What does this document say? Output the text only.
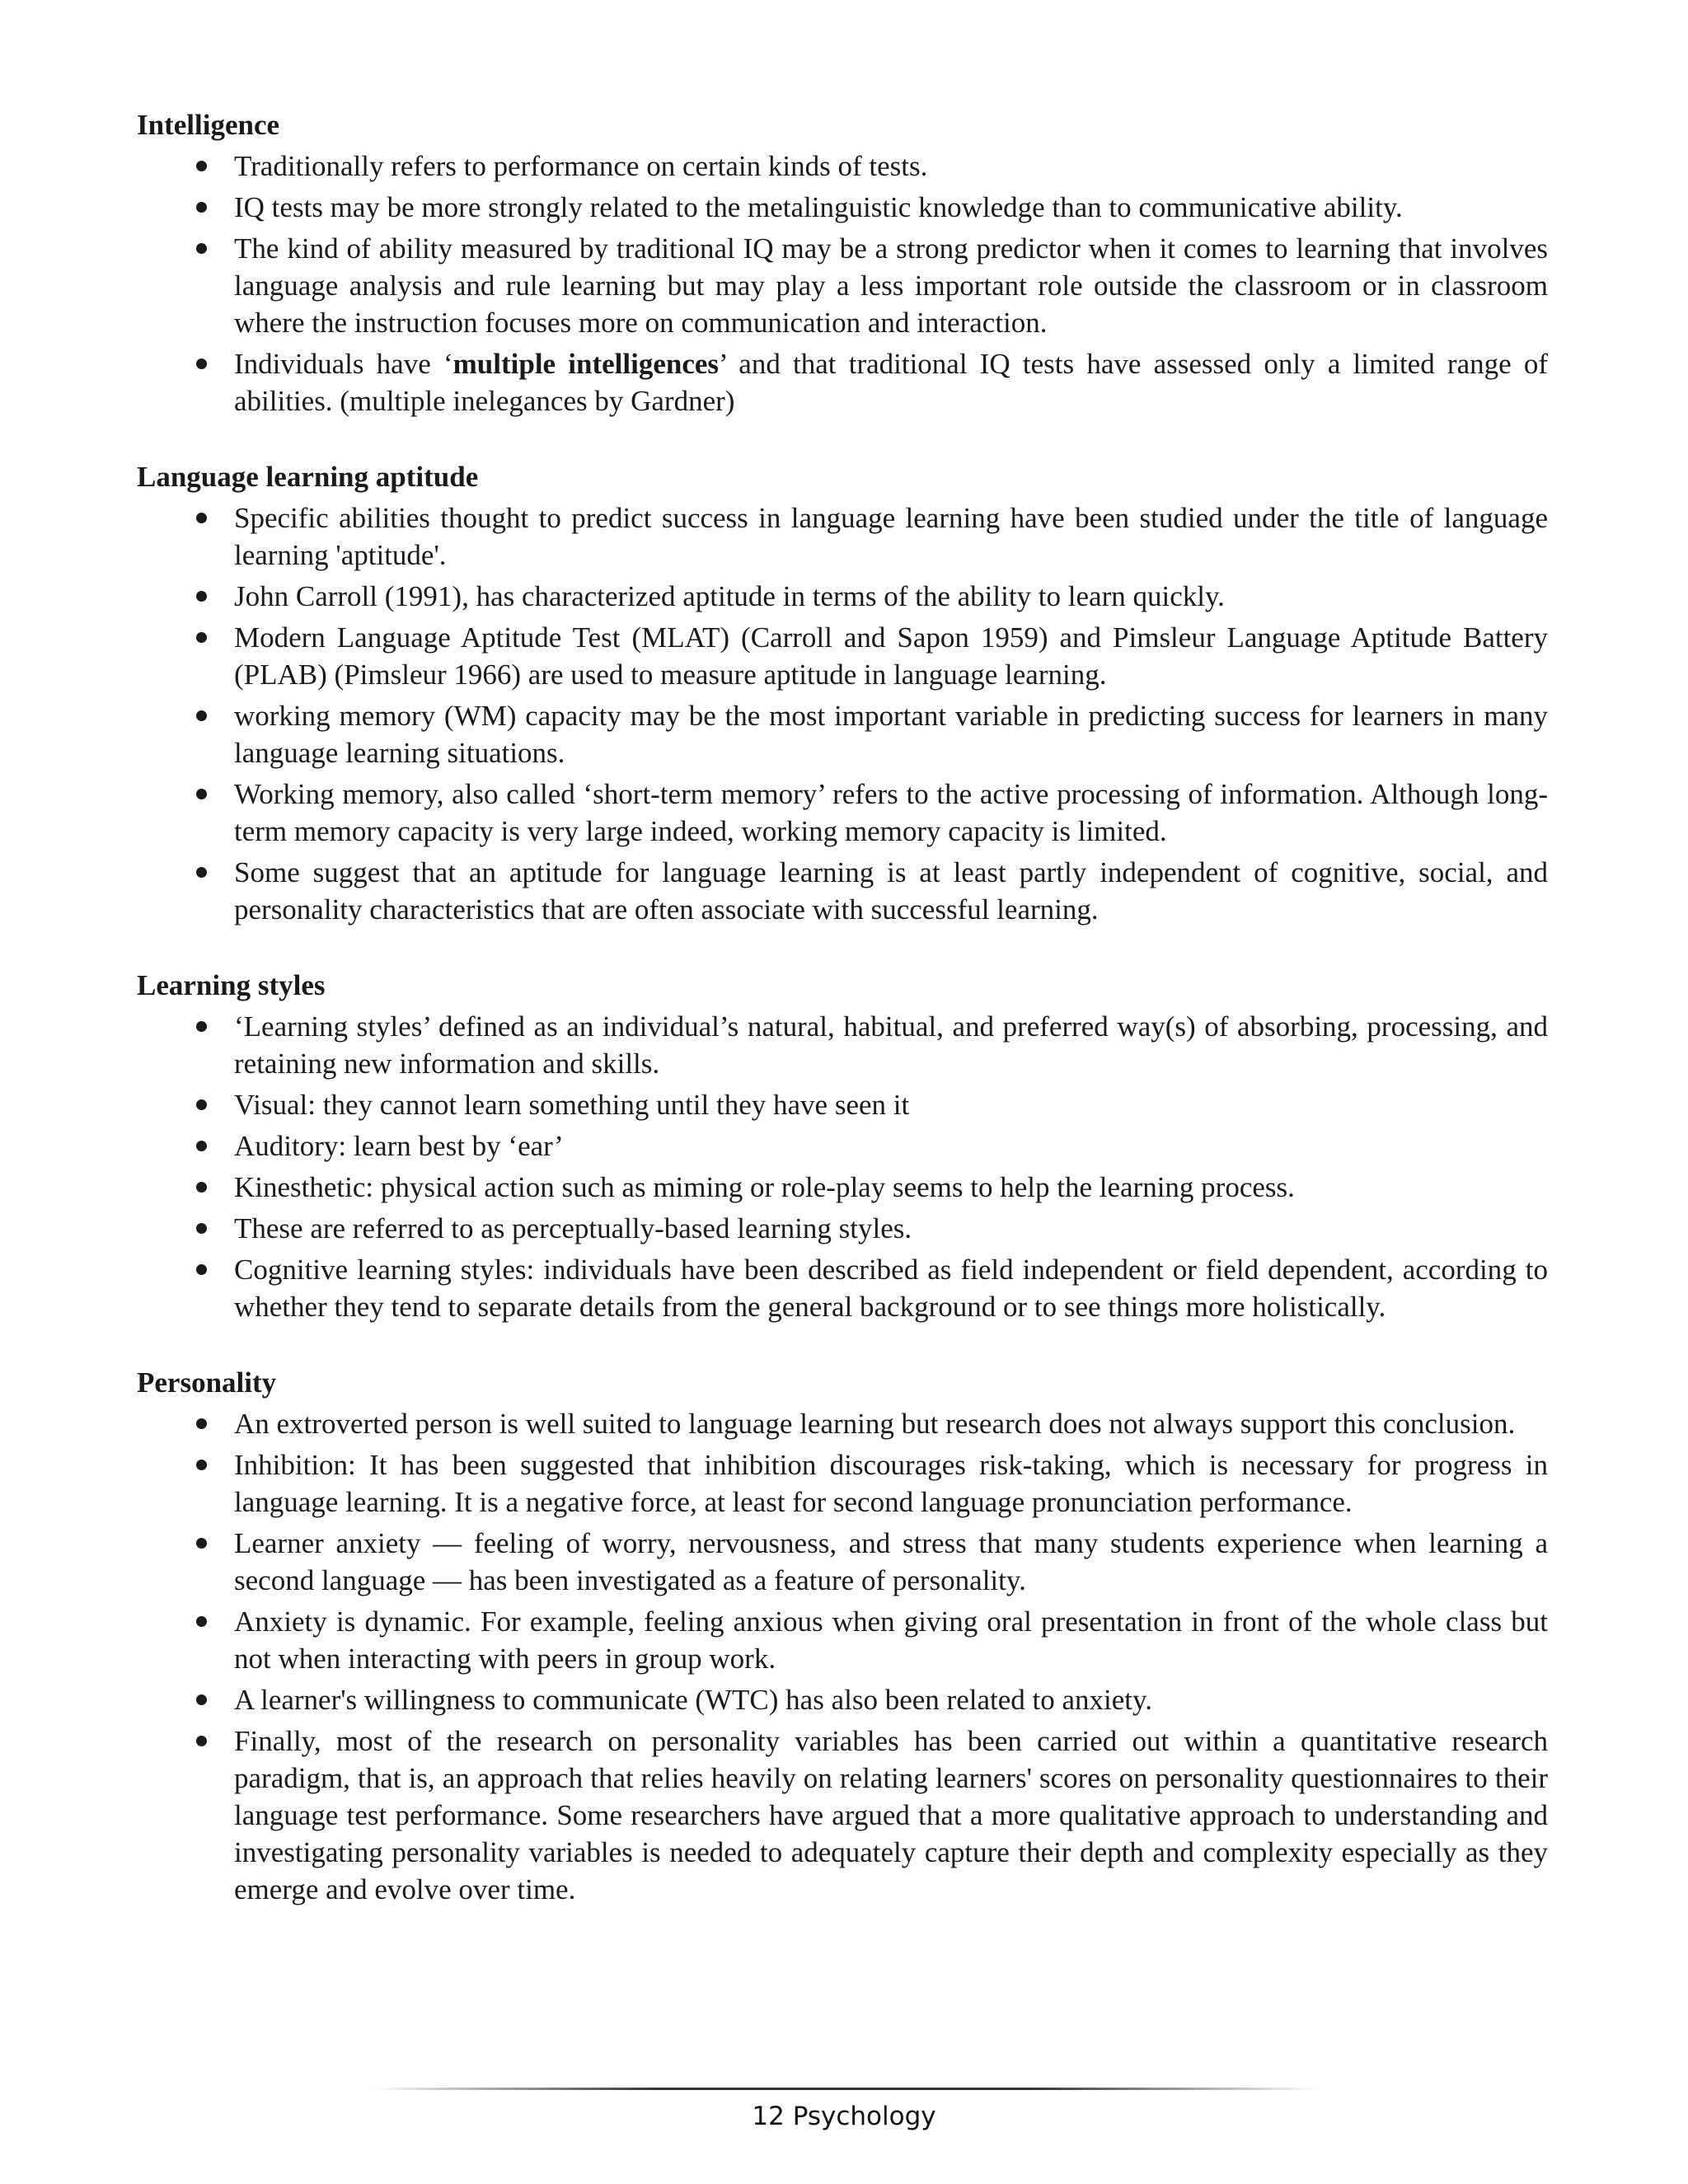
Intelligence
Traditionally refers to performance on certain kinds of tests.
IQ tests may be more strongly related to the metalinguistic knowledge than to communicative ability.
The kind of ability measured by traditional IQ may be a strong predictor when it comes to learning that involves language analysis and rule learning but may play a less important role outside the classroom or in classroom where the instruction focuses more on communication and interaction.
Individuals have ‘multiple intelligences’ and that traditional IQ tests have assessed only a limited range of abilities. (multiple inelegances by Gardner)
Language learning aptitude
Specific abilities thought to predict success in language learning have been studied under the title of language learning 'aptitude'.
John Carroll (1991), has characterized aptitude in terms of the ability to learn quickly.
Modern Language Aptitude Test (MLAT) (Carroll and Sapon 1959) and Pimsleur Language Aptitude Battery (PLAB) (Pimsleur 1966) are used to measure aptitude in language learning.
working memory (WM) capacity may be the most important variable in predicting success for learners in many language learning situations.
Working memory, also called ‘short-term memory’ refers to the active processing of information. Although long-term memory capacity is very large indeed, working memory capacity is limited.
Some suggest that an aptitude for language learning is at least partly independent of cognitive, social, and personality characteristics that are often associate with successful learning.
Learning styles
‘Learning styles’ defined as an individual’s natural, habitual, and preferred way(s) of absorbing, processing, and retaining new information and skills.
Visual: they cannot learn something until they have seen it
Auditory: learn best by ‘ear’
Kinesthetic: physical action such as miming or role-play seems to help the learning process.
These are referred to as perceptually-based learning styles.
Cognitive learning styles: individuals have been described as field independent or field dependent, according to whether they tend to separate details from the general background or to see things more holistically.
Personality
An extroverted person is well suited to language learning but research does not always support this conclusion.
Inhibition: It has been suggested that inhibition discourages risk-taking, which is necessary for progress in language learning. It is a negative force, at least for second language pronunciation performance.
Learner anxiety — feeling of worry, nervousness, and stress that many students experience when learning a second language — has been investigated as a feature of personality.
Anxiety is dynamic. For example, feeling anxious when giving oral presentation in front of the whole class but not when interacting with peers in group work.
A learner's willingness to communicate (WTC) has also been related to anxiety.
Finally, most of the research on personality variables has been carried out within a quantitative research paradigm, that is, an approach that relies heavily on relating learners' scores on personality questionnaires to their language test performance. Some researchers have argued that a more qualitative approach to understanding and investigating personality variables is needed to adequately capture their depth and complexity especially as they emerge and evolve over time.
12 Psychology
